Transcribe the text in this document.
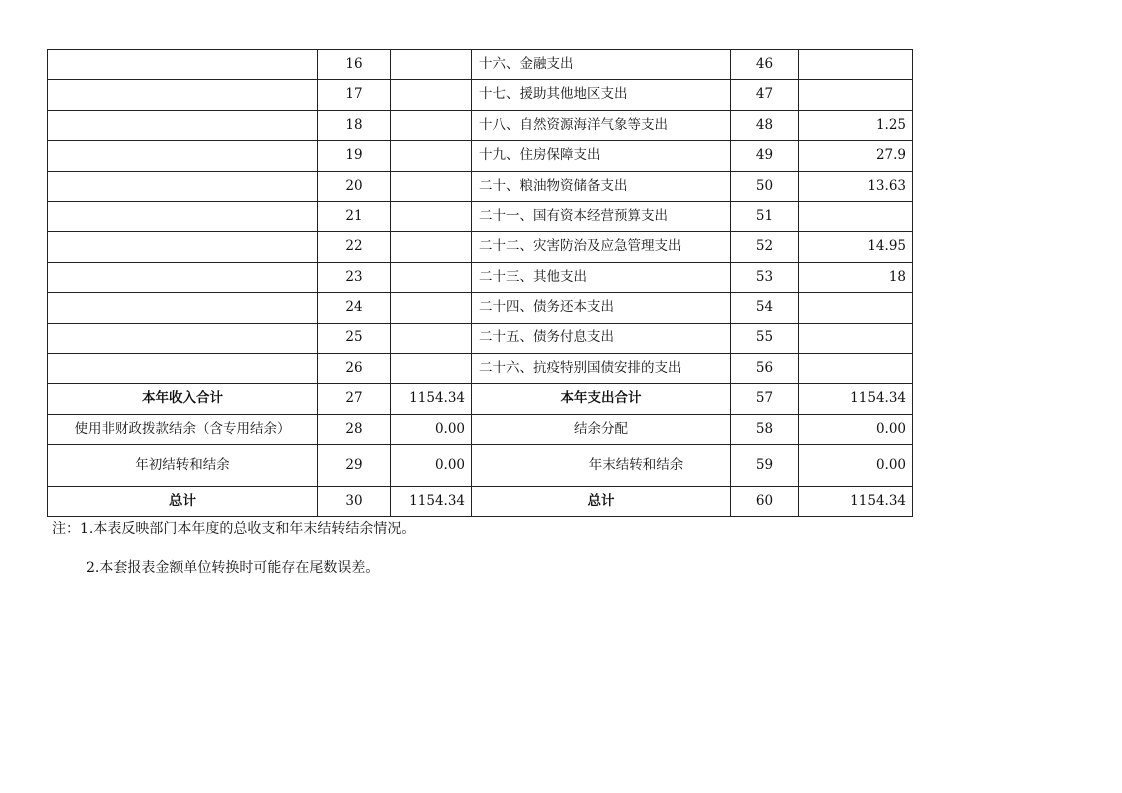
	16		十六、金融支出	46	
	17		十七、援助其他地区支出	47	
	18		十八、自然资源海洋气象等支出	48	1.25
	19		十九、住房保障支出	49	27.9
	20		二十、粮油物资储备支出	50	13.63
	21		二十一、国有资本经营预算支出	51	
	22		二十二、灾害防治及应急管理支出	52	14.95
	23		二十三、其他支出	53	18
	24		二十四、债务还本支出	54	
	25		二十五、债务付息支出	55	
	26		二十六、抗疫特别国债安排的支出	56	
本年收入合计	27	1154.34	本年支出合计	57	1154.34
使用非财政拨款结余（含专用结余）	28	0.00	结余分配	58	0.00
年初结转和结余	29	0.00	年末结转和结余	59	0.00
总计	30	1154.34	总计	60	1154.34
注：1.本表反映部门本年度的总收支和年末结转结余情况。
2.本套报表金额单位转换时可能存在尾数误差。
